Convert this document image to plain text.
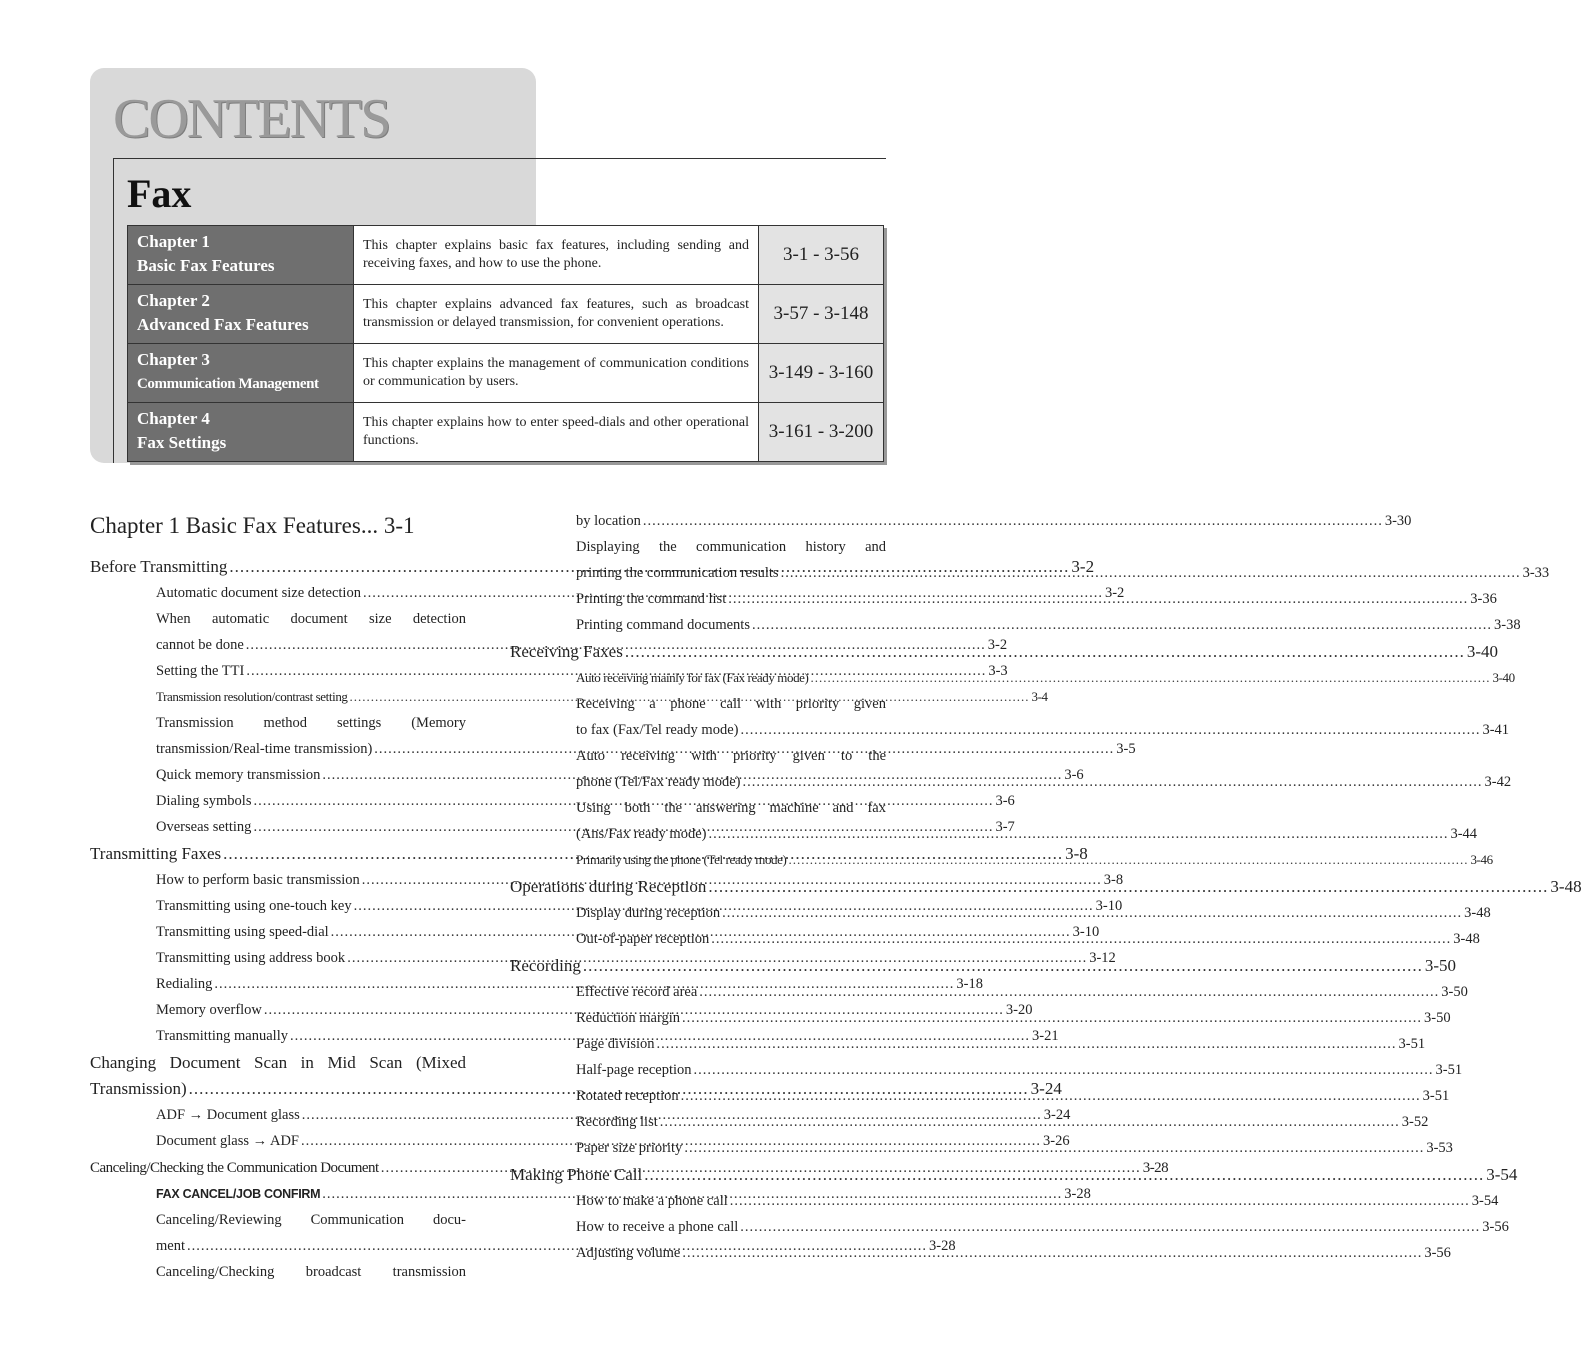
CONTENTS
Fax
Chapter 1
Basic Fax Features
This chapter explains basic fax features, including sending and receiving faxes, and how to use the phone.	3-1 - 3-56
Chapter 2
Advanced Fax Features
This chapter explains advanced fax features, such as broadcast transmission or delayed transmission, for convenient operations.	3-57 - 3-148
Chapter 3
Communication Management
This chapter explains the management of communication conditions or communication by users.	3-149 - 3-160
Chapter 4
Fax Settings
This chapter explains how to enter speed-dials and other operational functions.	3-161 - 3-200
Chapter 1 Basic Fax Features... 3-1
Before Transmitting .....	3-2
Automatic document size detection .....	3-2
When automatic document size detection
cannot be done .....	3-2
Setting the TTI .....	3-3
Transmission resolution/contrast setting .....	3-4
Transmission method settings (Memory
transmission/Real-time transmission) .....	3-5
Quick memory transmission .....	3-6
Dialing symbols .....	3-6
Overseas setting .....	3-7
Transmitting Faxes .....	3-8
How to perform basic transmission .....	3-8
Transmitting using one-touch key .....	3-10
Transmitting using speed-dial .....	3-10
Transmitting using address book .....	3-12
Redialing .....	3-18
Memory overflow .....	3-20
Transmitting manually .....	3-21
Changing Document Scan in Mid Scan (Mixed
Transmission) .....	3-24
ADF → Document glass .....	3-24
Document glass → ADF .....	3-26
Canceling/Checking the Communication Document .....	3-28
FAX CANCEL/JOB CONFIRM .....	3-28
Canceling/Reviewing Communication docu-
ment .....	3-28
Canceling/Checking broadcast transmission
by location .....	3-30
Displaying the communication history and
printing the communication results .....	3-33
Printing the command list .....	3-36
Printing command documents .....	3-38
Receiving Faxes .....	3-40
Auto receiving mainly for fax (Fax ready mode) .....	3-40
Receiving a phone call with priority given
to fax (Fax/Tel ready mode) .....	3-41
Auto receiving with priority given to the
phone (Tel/Fax ready mode) .....	3-42
Using both the answering machine and fax
(Ans/Fax ready mode) .....	3-44
Primarily using the phone (Tel ready mode) .....	3-46
Operations during Reception .....	3-48
Display during reception .....	3-48
Out-of-paper reception .....	3-48
Recording .....	3-50
Effective record area .....	3-50
Reduction margin .....	3-50
Page division .....	3-51
Half-page reception .....	3-51
Rotated reception .....	3-51
Recording list .....	3-52
Paper size priority .....	3-53
Making Phone Call .....	3-54
How to make a phone call .....	3-54
How to receive a phone call .....	3-56
Adjusting volume .....	3-56
